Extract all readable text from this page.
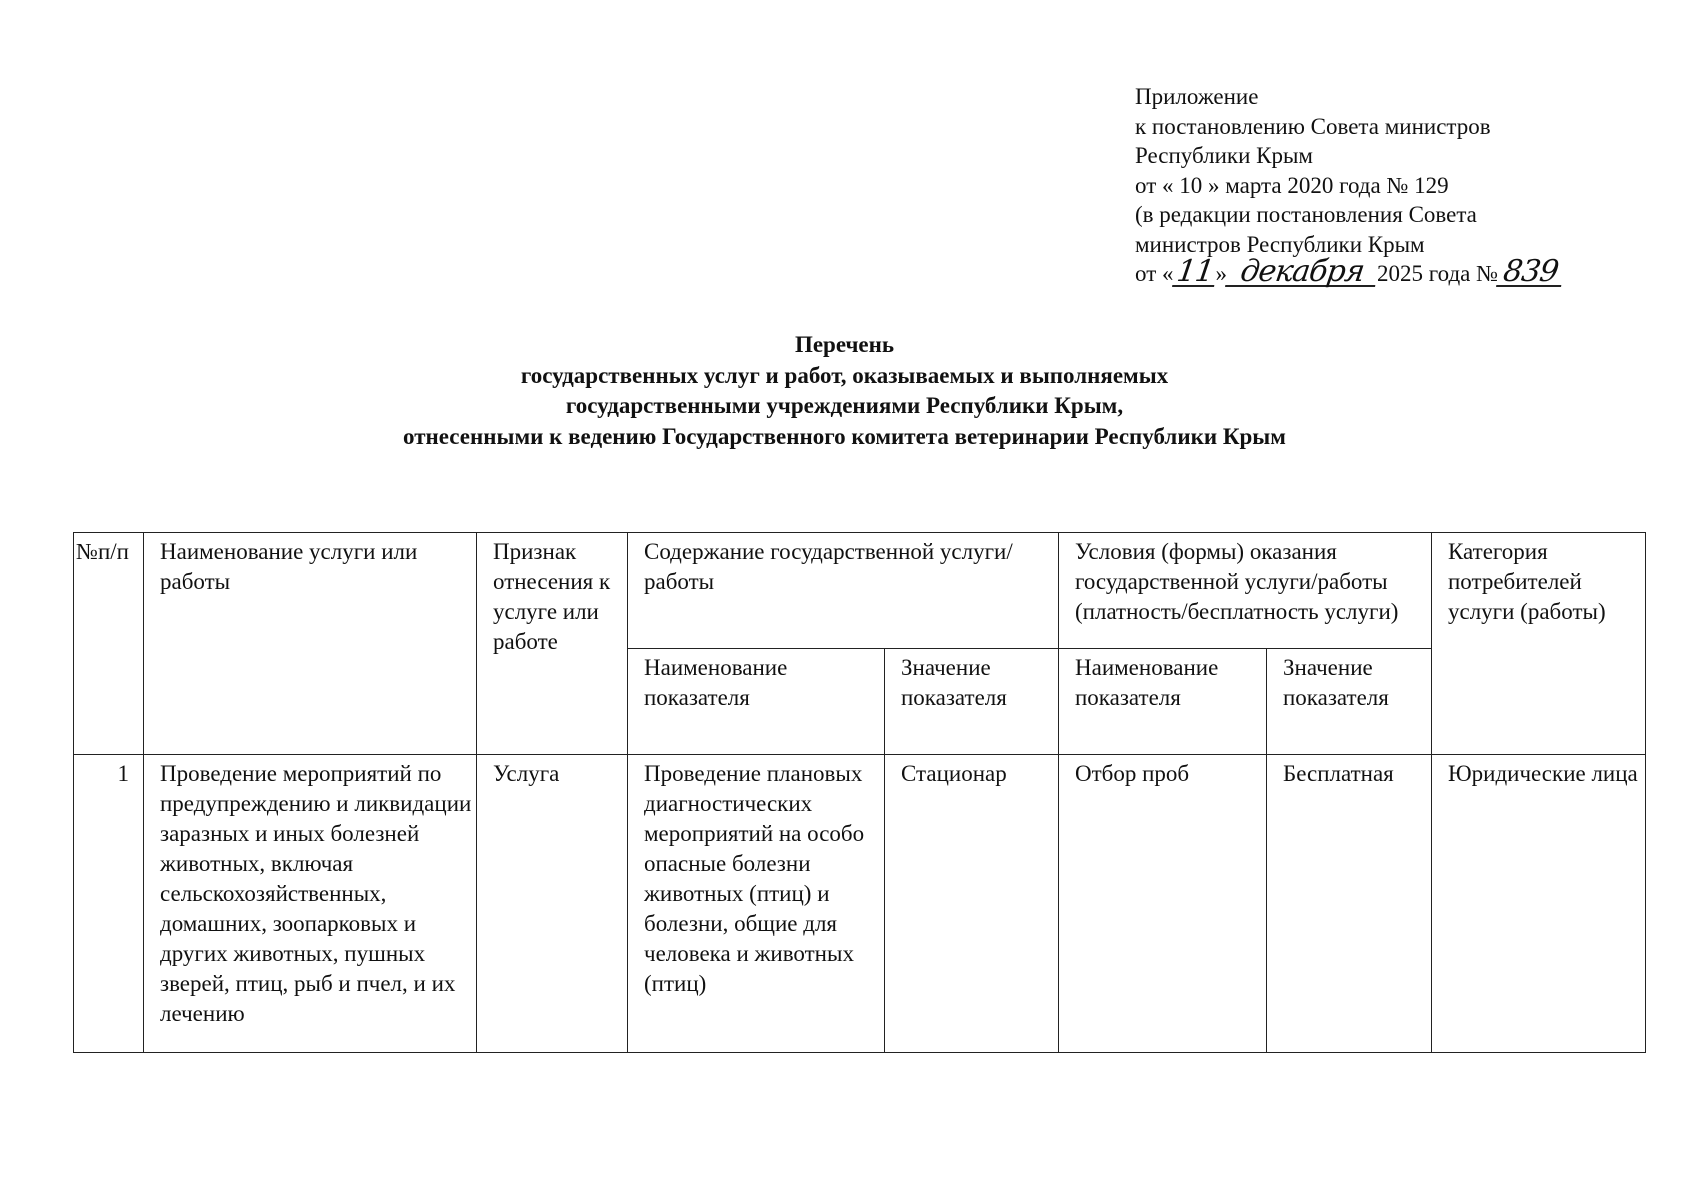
Приложение
к постановлению Совета министров
Республики Крым
от « 10 » марта 2020 года № 129
(в редакции постановления Совета
министров Республики Крым
от «11» декабря 2025 года № 839
Перечень
государственных услуг и работ, оказываемых и выполняемых
государственными учреждениями Республики Крым,
отнесенными к ведению Государственного комитета ветеринарии Республики Крым
№п/п	Наименование услуги или работы	Признак отнесения к услуге или работе	Содержание государственной услуги/работы		Условия (формы) оказания государственной услуги/работы (платность/бесплатность услуги)		Категория потребителей услуги (работы)
			Наименование показателя	Значение показателя	Наименование показателя	Значение показателя	
1	Проведение мероприятий по предупреждению и ликвидации заразных и иных болезней животных, включая сельскохозяйственных, домашних, зоопарковых и других животных, пушных зверей, птиц, рыб и пчел, и их лечению	Услуга	Проведение плановых диагностических мероприятий на особо опасные болезни животных (птиц) и болезни, общие для человека и животных (птиц)	Стационар	Отбор проб	Бесплатная	Юридические лица
